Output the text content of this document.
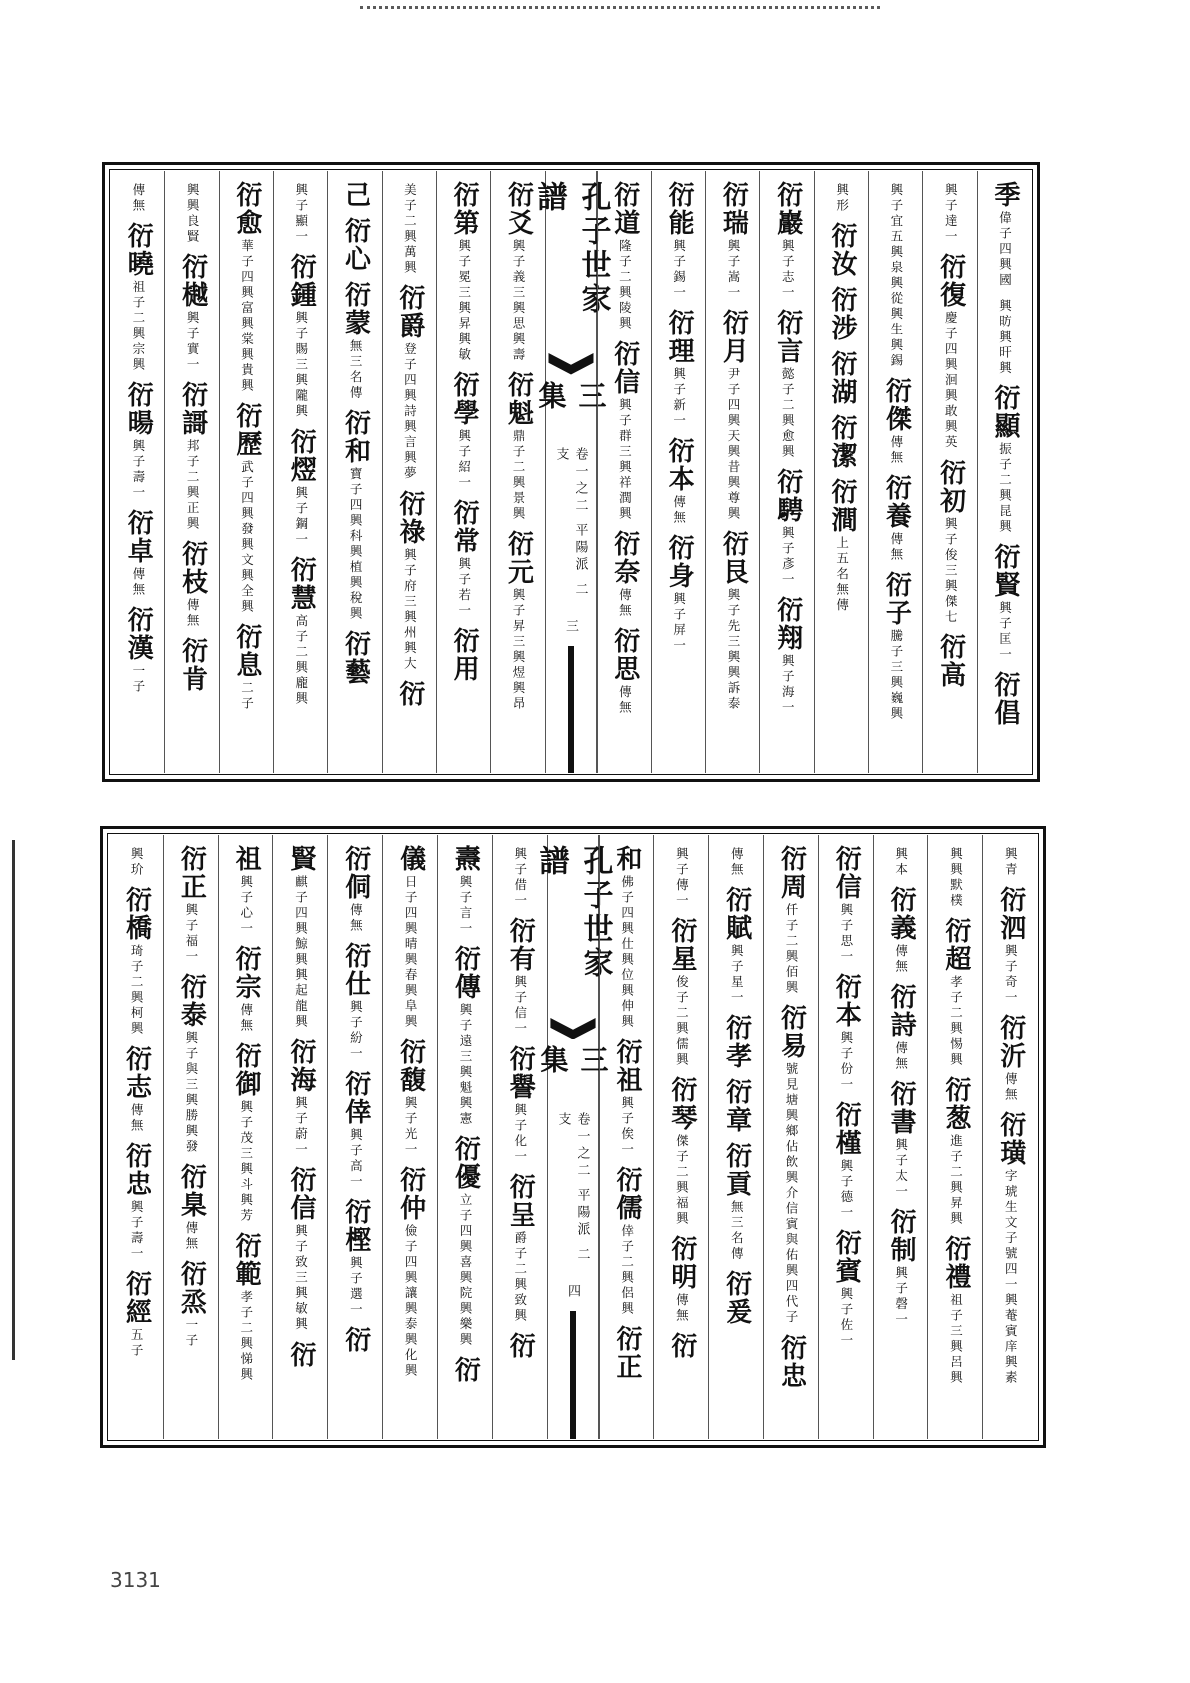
季
偉子四興國
興昉興旰興
衍顯
振子二興昆興
衍賢
興子匡一
衍倡
興子達一
衍復
慶子四興洄興敢興英
衍初
興子俊三興傑七
衍高
興子宜五興泉興從興生興錫
衍傑
傳無
衍養
傳無
衍子
騰子三興巍興
興形
衍汝
衍涉
衍湖
衍潔
衍澗
上五名無傳
衍巖
興子志一
衍言
懿子二興愈興
衍騁
興子彥一
衍翔
興子海一
衍瑞
興子嵩一
衍月
尹子四興天興昔興尊興
衍艮
興子先三興興訴泰
衍能
興子錫一
衍理
興子新一
衍本
傳無
衍身
興子屏一
衍道
隆子二興陵興
衍信
興子群三興祥潤興
衍奈
傳無
衍思
傳無
孔子世家譜
三集
卷一之二 平陽派 二支
三
衍爻
興子義三興思興壽
衍魁
鼎子二興景興
衍元
興子昇三興煜興昂
衍第
興子冕三興昇興敏
衍學
興子紹一
衍常
興子若一
衍用
美子二興萬興
衍爵
登子四興詩興言興夢
衍祿
興子府三興州興大
衍
己
衍心
衍蒙
無三名傳
衍和
寶子四興科興植興稅興
衍藝
興子顯一
衍鍾
興子賜三興隴興
衍熤
興子鋼一
衍慧
高子二興龐興
衍愈
華子四興富興棠興貴興
衍歷
武子四興發興文興全興
衍息
二子
興興良賢
衍樾
興子實一
衍謌
邦子二興正興
衍枝
傳無
衍肯
傳無
衍曉
祖子二興宗興
衍暘
興子壽一
衍卓
傳無
衍漢
一子
興青
衍泗
興子奇一
衍沂
傳無
衍璜
字琥生文子號四一興菴賓庠興素
興興默樸
衍超
孝子二興惕興
衍葱
進子二興昇興
衍禮
祖子三興呂興
興本
衍義
傳無
衍詩
傳無
衍書
興子太一
衍制
興子磬一
衍信
興子思一
衍本
興子份一
衍槿
興子德一
衍賓
興子佐一
衍周
仟子二興佰興
衍易
號見塘興鄉佔飲興介信賓與佑興四代子
衍忠
傳無
衍賦
興子星一
衍孝
衍章
衍貢
無三名傳
衍爰
興子傳一
衍星
俊子二興儒興
衍琴
傑子二興福興
衍明
傳無
衍
和
佛子四興仕興位興伸興
衍祖
興子俟一
衍儒
倖子二興侶興
衍正
孔子世家譜
三集
卷一之二 平陽派 二支
四
興子借一
衍有
興子信一
衍譽
興子化一
衍呈
爵子二興致興
衍
燾
興子言一
衍傳
興子遠三興魁興憲
衍優
立子四興喜興院興樂興
衍
儀
日子四興晴興春興阜興
衍馥
興子光一
衍仲
儉子四興讓興泰興化興
衍侗
傳無
衍仕
興子紛一
衍倖
興子高一
衍樫
興子選一
衍
賢
麒子四興鯨興興起龍興
衍海
興子蔚一
衍信
興子致三興敏興
衍
祖
興子心一
衍宗
傳無
衍御
興子茂三興斗興芳
衍範
孝子二興悌興
衍正
興子福一
衍泰
興子與三興勝興發
衍臬
傳無
衍烝
一子
興玠
衍橋
琦子二興柯興
衍志
傳無
衍忠
興子壽一
衍經
五子
3131
